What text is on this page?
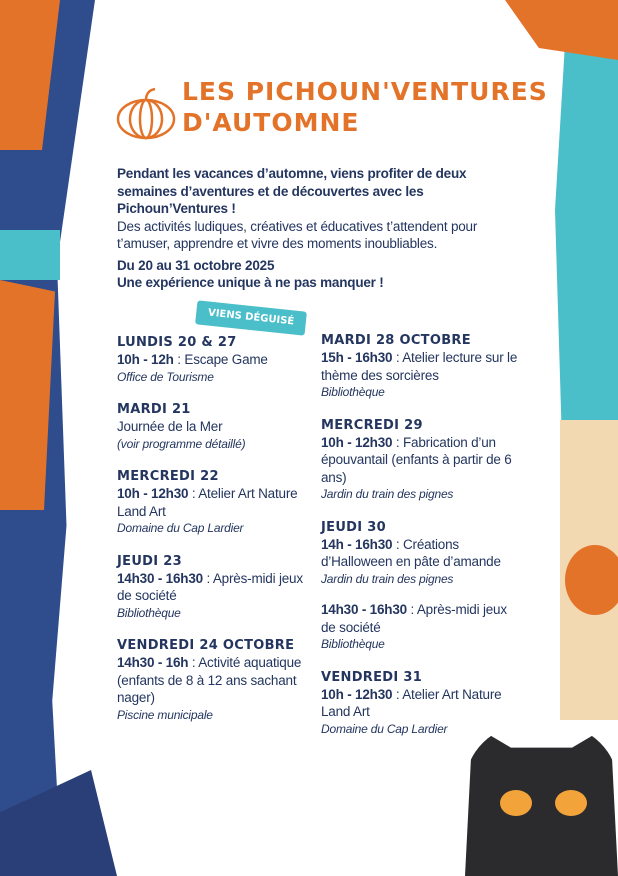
LES PICHOUN'VENTURES
D'AUTOMNE

Pendant les vacances d’automne, viens profiter de deux semaines d’aventures et de découvertes avec les Pichoun’Ventures !

Des activités ludiques, créatives et éducatives t’attendent pour t’amuser, apprendre et vivre des moments inoubliables.

Du 20 au 31 octobre 2025

Une expérience unique à ne pas manquer !

VIENS DÉGUISÉ
LUNDIS 20 & 27
10h - 12h : Escape Game
Office de Tourisme
MARDI 21
Journée de la Mer
(voir programme détaillé)
MERCREDI 22
10h - 12h30 : Atelier Art Nature Land Art
Domaine du Cap Lardier
JEUDI 23
14h30 - 16h30 : Après-midi jeux de société
Bibliothèque
VENDREDI 24 OCTOBRE
14h30 - 16h : Activité aquatique (enfants de 8 à 12 ans sachant nager)
Piscine municipale
MARDI 28 OCTOBRE
15h - 16h30 : Atelier lecture sur le thème des sorcières
Bibliothèque
MERCREDI 29
10h - 12h30 : Fabrication d’un épouvantail (enfants à partir de 6 ans)
Jardin du train des pignes
JEUDI 30
14h - 16h30 : Créations d’Halloween en pâte d’amande
Jardin du train des pignes
14h30 - 16h30 : Après-midi jeux de société
Bibliothèque
VENDREDI 31
10h - 12h30 : Atelier Art Nature Land Art
Domaine du Cap Lardier
